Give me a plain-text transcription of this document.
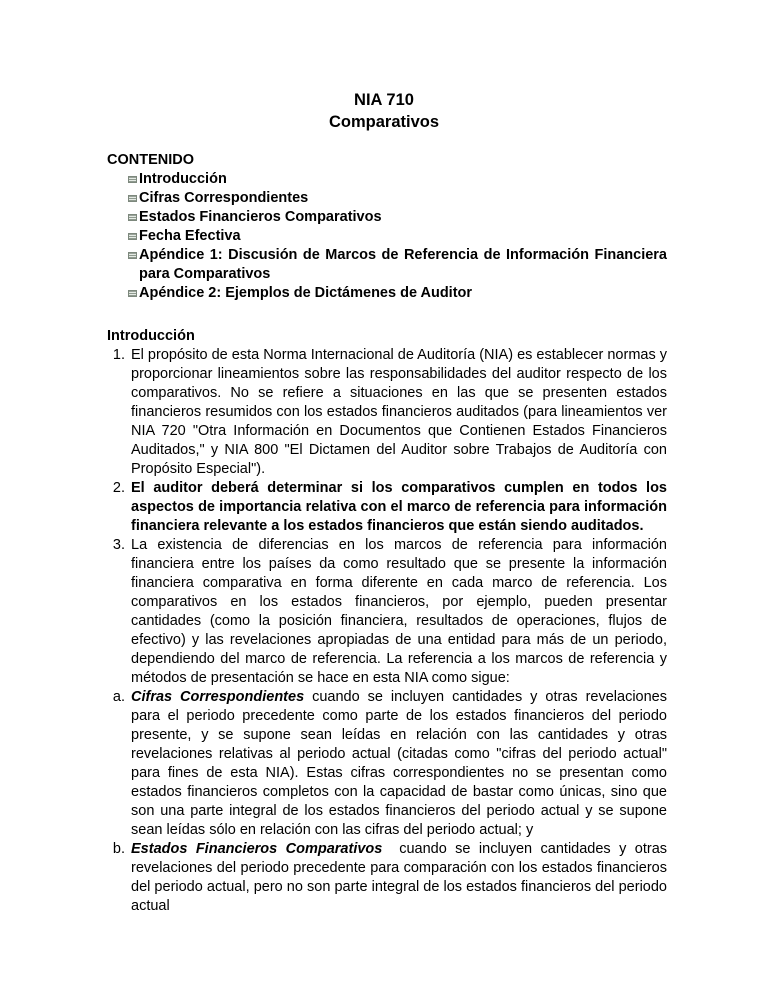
NIA 710
Comparativos
CONTENIDO
Introducción
Cifras Correspondientes
Estados Financieros Comparativos
Fecha Efectiva
Apéndice 1: Discusión de Marcos de Referencia de Información Financiera para Comparativos
Apéndice 2: Ejemplos de Dictámenes de Auditor
Introducción
1. El propósito de esta Norma Internacional de Auditoría (NIA) es establecer normas y proporcionar lineamientos sobre las responsabilidades del auditor respecto de los comparativos. No se refiere a situaciones en las que se presenten estados financieros resumidos con los estados financieros auditados (para lineamientos ver NIA 720 "Otra Información en Documentos que Contienen Estados Financieros Auditados," y NIA 800 "El Dictamen del Auditor sobre Trabajos de Auditoría con Propósito Especial").
2. El auditor deberá determinar si los comparativos cumplen en todos los aspectos de importancia relativa con el marco de referencia para información financiera relevante a los estados financieros que están siendo auditados.
3. La existencia de diferencias en los marcos de referencia para información financiera entre los países da como resultado que se presente la información financiera comparativa en forma diferente en cada marco de referencia. Los comparativos en los estados financieros, por ejemplo, pueden presentar cantidades (como la posición financiera, resultados de operaciones, flujos de efectivo) y las revelaciones apropiadas de una entidad para más de un periodo, dependiendo del marco de referencia. La referencia a los marcos de referencia y métodos de presentación se hace en esta NIA como sigue:
a. Cifras Correspondientes cuando se incluyen cantidades y otras revelaciones para el periodo precedente como parte de los estados financieros del periodo presente, y se supone sean leídas en relación con las cantidades y otras revelaciones relativas al periodo actual (citadas como "cifras del periodo actual" para fines de esta NIA). Estas cifras correspondientes no se presentan como estados financieros completos con la capacidad de bastar como únicas, sino que son una parte integral de los estados financieros del periodo actual y se supone sean leídas sólo en relación con las cifras del periodo actual; y
b. Estados Financieros Comparativos  cuando se incluyen cantidades y otras revelaciones del periodo precedente para comparación con los estados financieros del periodo actual, pero no son parte integral de los estados financieros del periodo actual
